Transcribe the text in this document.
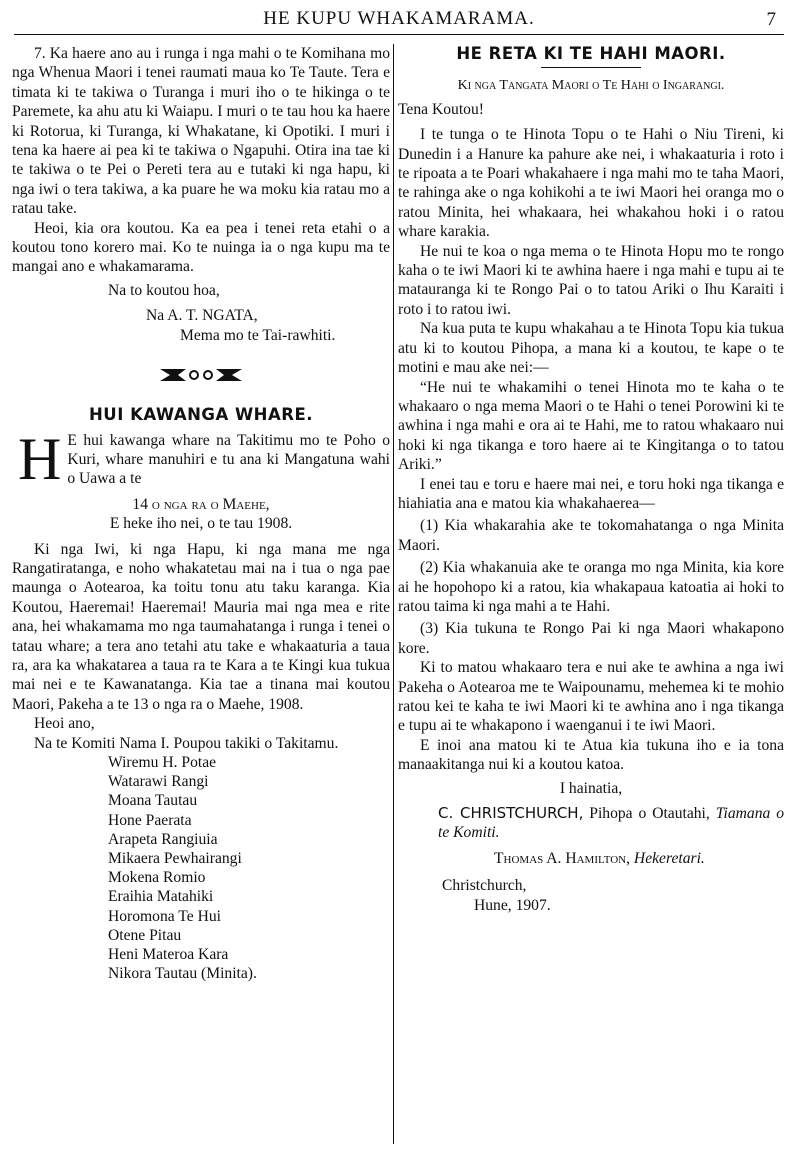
HE KUPU WHAKAMARAMA.	7

7. Ka haere ano au i runga i nga mahi o te Komihana mo nga Whenua Maori i tenei raumati maua ko Te Taute. Tera e timata ki te takiwa o Turanga i muri iho o te hikinga o te Paremete, ka ahu atu ki Waiapu. I muri o te tau hou ka haere ki Rotorua, ki Turanga, ki Whakatane, ki Opotiki. I muri i tena ka haere ai pea ki te takiwa o Ngapuhi. Otira ina tae ki te takiwa o te Pei o Pereti tera au e tutaki ki nga hapu, ki nga iwi o tera takiwa, a ka puare he wa moku kia ratau mo a ratau take.

Heoi, kia ora koutou. Ka ea pea i tenei reta etahi o a koutou tono korero mai. Ko te nuinga ia o nga kupu ma te mangai ano e whakamarama.

Na to koutou hoa,

Na A. T. NGATA,

Mema mo te Tai-rawhiti.

HUI KAWANGA WHARE.
H E hui kawanga whare na Takitimu mo te Poho o Kuri, whare manuhiri e tu ana ki Mangatuna wahi o Uawa a te

14 o nga ra o Maehe,

E heke iho nei, o te tau 1908.

Ki nga Iwi, ki nga Hapu, ki nga mana me nga Rangatiratanga, e noho whakatetau mai na i tua o nga pae maunga o Aotearoa, ka toitu tonu atu taku karanga. Kia Koutou, Haeremai! Haeremai! Mauria mai nga mea e rite ana, hei whakamama mo nga taumahatanga i runga i tenei o tatau whare; a tera ano tetahi atu take e whakaaturia a taua ra, ara ka whakatarea a taua ra te Kara a te Kingi kua tukua mai nei e te Kawanatanga. Kia tae a tinana mai koutou Maori, Pakeha a te 13 o nga ra o Maehe, 1908.

Heoi ano,

Na te Komiti Nama I. Poupou takiki o Takitamu.

Wiremu H. Potae
Watarawi Rangi
Moana Tautau
Hone Paerata
Arapeta Rangiuia
Mikaera Pewhairangi
Mokena Romio
Eraihia Matahiki
Horomona Te Hui
Otene Pitau
Heni Materoa Kara
Nikora Tautau (Minita).
HE RETA KI TE HAHI MAORI.

Ki nga Tangata Maori o Te Hahi o Ingarangi.

Tena Koutou!

I te tunga o te Hinota Topu o te Hahi o Niu Tireni, ki Dunedin i a Hanure ka pahure ake nei, i whakaaturia i roto i te ripoata a te Poari whakahaere i nga mahi mo te taha Maori, te rahinga ake o nga kohikohi a te iwi Maori hei oranga mo o ratou Minita, hei whakaara, hei whakahou hoki i o ratou whare karakia.

He nui te koa o nga mema o te Hinota Hopu mo te rongo kaha o te iwi Maori ki te awhina haere i nga mahi e tupu ai te matauranga ki te Rongo Pai o to tatou Ariki o Ihu Karaiti i roto i to ratou iwi.

Na kua puta te kupu whakahau a te Hinota Topu kia tukua atu ki to koutou Pihopa, a mana ki a koutou, te kape o te motini e mau ake nei:—

“He nui te whakamihi o tenei Hinota mo te kaha o te whakaaro o nga mema Maori o te Hahi o tenei Porowini ki te awhina i nga mahi e ora ai te Hahi, me to ratou whakaaro nui hoki ki nga tikanga e toro haere ai te Kingitanga o to tatou Ariki.”

I enei tau e toru e haere mai nei, e toru hoki nga tikanga e hiahiatia ana e matou kia whakahaerea—

(1) Kia whakarahia ake te tokomahatanga o nga Minita Maori.

(2) Kia whakanuia ake te oranga mo nga Minita, kia kore ai he hopohopo ki a ratou, kia whakapaua katoatia ai hoki to ratou taima ki nga mahi a te Hahi.

(3) Kia tukuna te Rongo Pai ki nga Maori whakapono kore.

Ki to matou whakaaro tera e nui ake te awhina a nga iwi Pakeha o Aotearoa me te Waipounamu, mehemea ki te mohio ratou kei te kaha te iwi Maori ki te awhina ano i nga tikanga e tupu ai te whakapono i waenganui i te iwi Maori.

E inoi ana matou ki te Atua kia tukuna iho e ia tona manaakitanga nui ki a koutou katoa.

I hainatia,

C. CHRISTCHURCH, Pihopa o Otautahi, Tiamana o te Komiti.

Thomas A. Hamilton, Hekeretari.

Christchurch,

Hune, 1907.
